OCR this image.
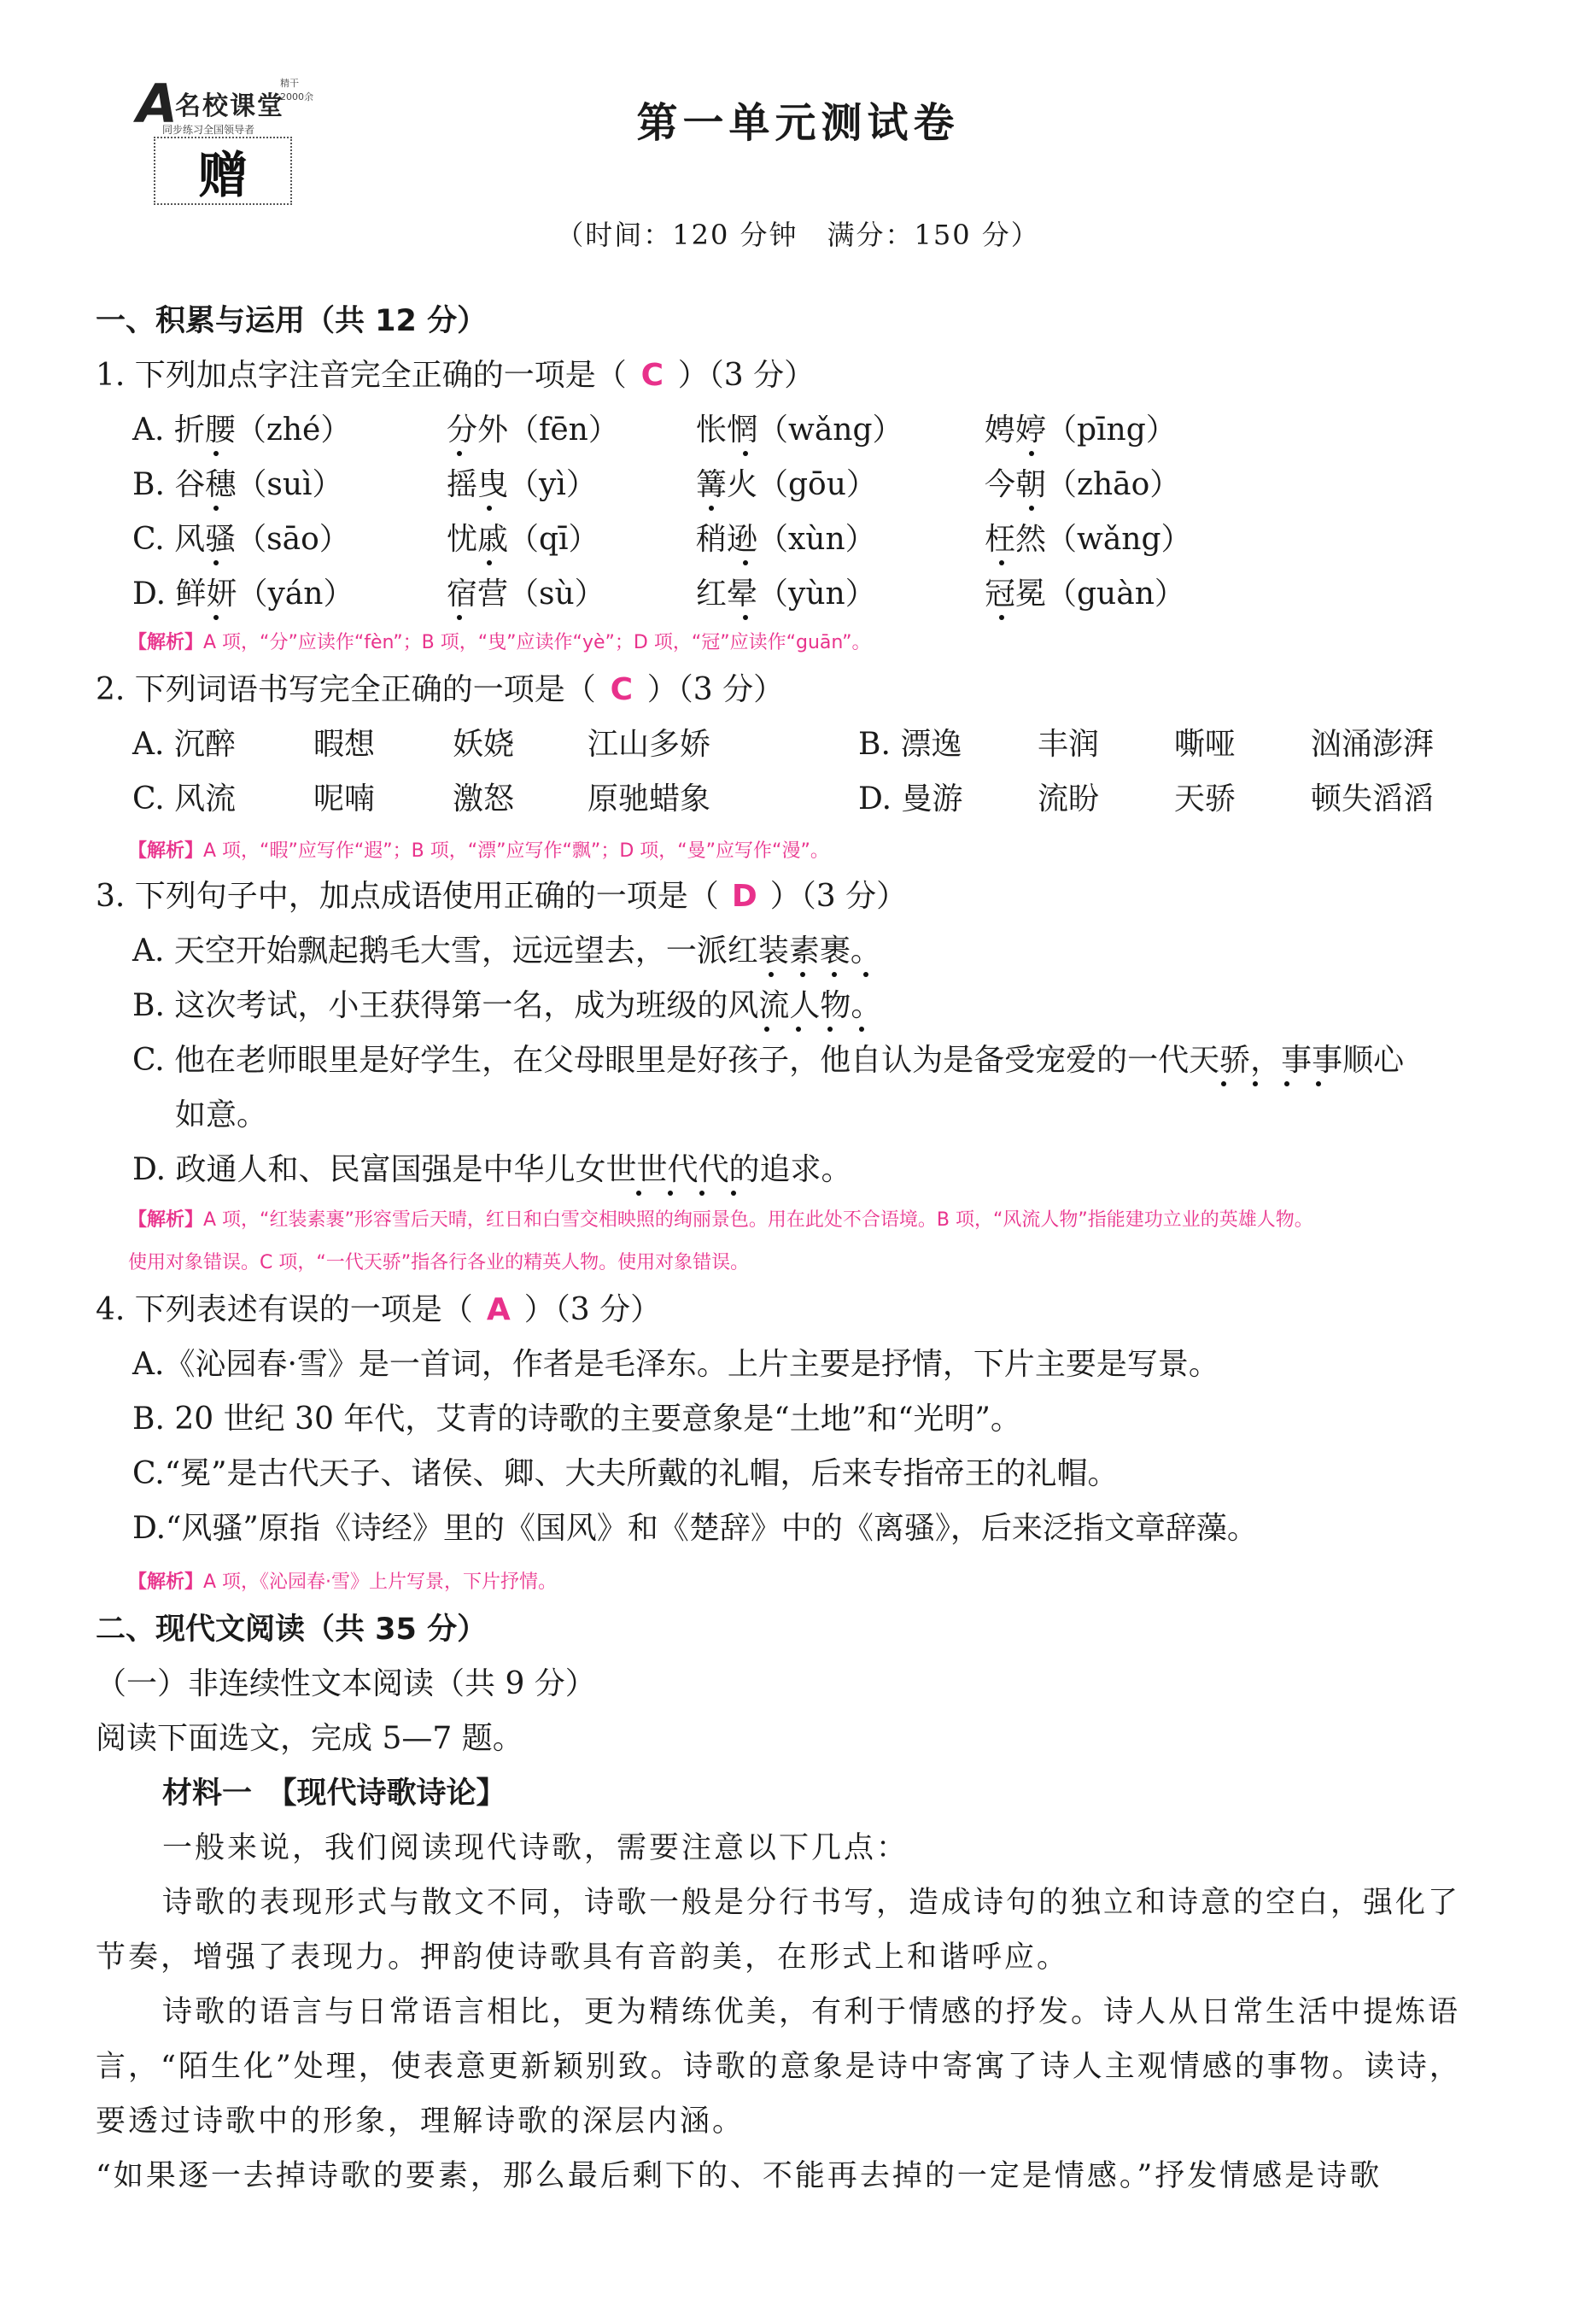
A
名校课堂
精干2000余
同步练习全国领导者
赠
第一单元测试卷
（时间：120 分钟　满分：150 分）
一、积累与运用（共 12 分）
1. 下列加点字注音完全正确的一项是（ C ）（3 分）
A. 折腰（zhé）	分外（fēn）	怅惘（wǎng）	娉婷（pīng）
B. 谷穗（suì）	摇曳（yì）	篝火（gōu）	今朝（zhāo）
C. 风骚（sāo）	忧戚（qī）	稍逊（xùn）	枉然（wǎng）
D. 鲜妍（yán）	宿营（sù）	红晕（yùn）	冠冕（guàn）
【解析】A 项，“分”应读作“fèn”；B 项，“曳”应读作“yè”；D 项，“冠”应读作“guān”。
2. 下列词语书写完全正确的一项是（ C ）（3 分）
A. 沉醉	暇想	妖娆 江山多娇	B. 漂逸 丰润 嘶哑 汹涌澎湃
C. 风流	呢喃	激怒 原驰蜡象	D. 曼游 流盼 天骄 顿失滔滔
【解析】A 项，“暇”应写作“遐”；B 项，“漂”应写作“飘”；D 项，“曼”应写作“漫”。
3. 下列句子中，加点成语使用正确的一项是（ D ）（3 分）
A. 天空开始飘起鹅毛大雪，远远望去，一派红装素裹。
B. 这次考试，小王获得第一名，成为班级的风流人物。
C. 他在老师眼里是好学生，在父母眼里是好孩子，他自认为是备受宠爱的一代天骄，事事顺心
如意。
D. 政通人和、民富国强是中华儿女世世代代的追求。
【解析】A 项，“红装素裹”形容雪后天晴，红日和白雪交相映照的绚丽景色。用在此处不合语境。B 项，“风流人物”指能建功立业的英雄人物。
使用对象错误。C 项，“一代天骄”指各行各业的精英人物。使用对象错误。
4. 下列表述有误的一项是（ A ）（3 分）
A.《沁园春·雪》是一首词，作者是毛泽东。上片主要是抒情，下片主要是写景。
B. 20 世纪 30 年代，艾青的诗歌的主要意象是“土地”和“光明”。
C.“冕”是古代天子、诸侯、卿、大夫所戴的礼帽，后来专指帝王的礼帽。
D.“风骚”原指《诗经》里的《国风》和《楚辞》中的《离骚》，后来泛指文章辞藻。
【解析】A 项，《沁园春·雪》上片写景，下片抒情。
二、现代文阅读（共 35 分）
（一）非连续性文本阅读（共 9 分）
阅读下面选文，完成 5—7 题。
材料一　【现代诗歌诗论】
一般来说，我们阅读现代诗歌，需要注意以下几点：
诗歌的表现形式与散文不同，诗歌一般是分行书写，造成诗句的独立和诗意的空白，强化了
节奏，增强了表现力。押韵使诗歌具有音韵美，在形式上和谐呼应。
诗歌的语言与日常语言相比，更为精练优美，有利于情感的抒发。诗人从日常生活中提炼语
言，“陌生化”处理，使表意更新颖别致。诗歌的意象是诗中寄寓了诗人主观情感的事物。读诗，
要透过诗歌中的形象，理解诗歌的深层内涵。
“如果逐一去掉诗歌的要素，那么最后剩下的、不能再去掉的一定是情感。”抒发情感是诗歌
